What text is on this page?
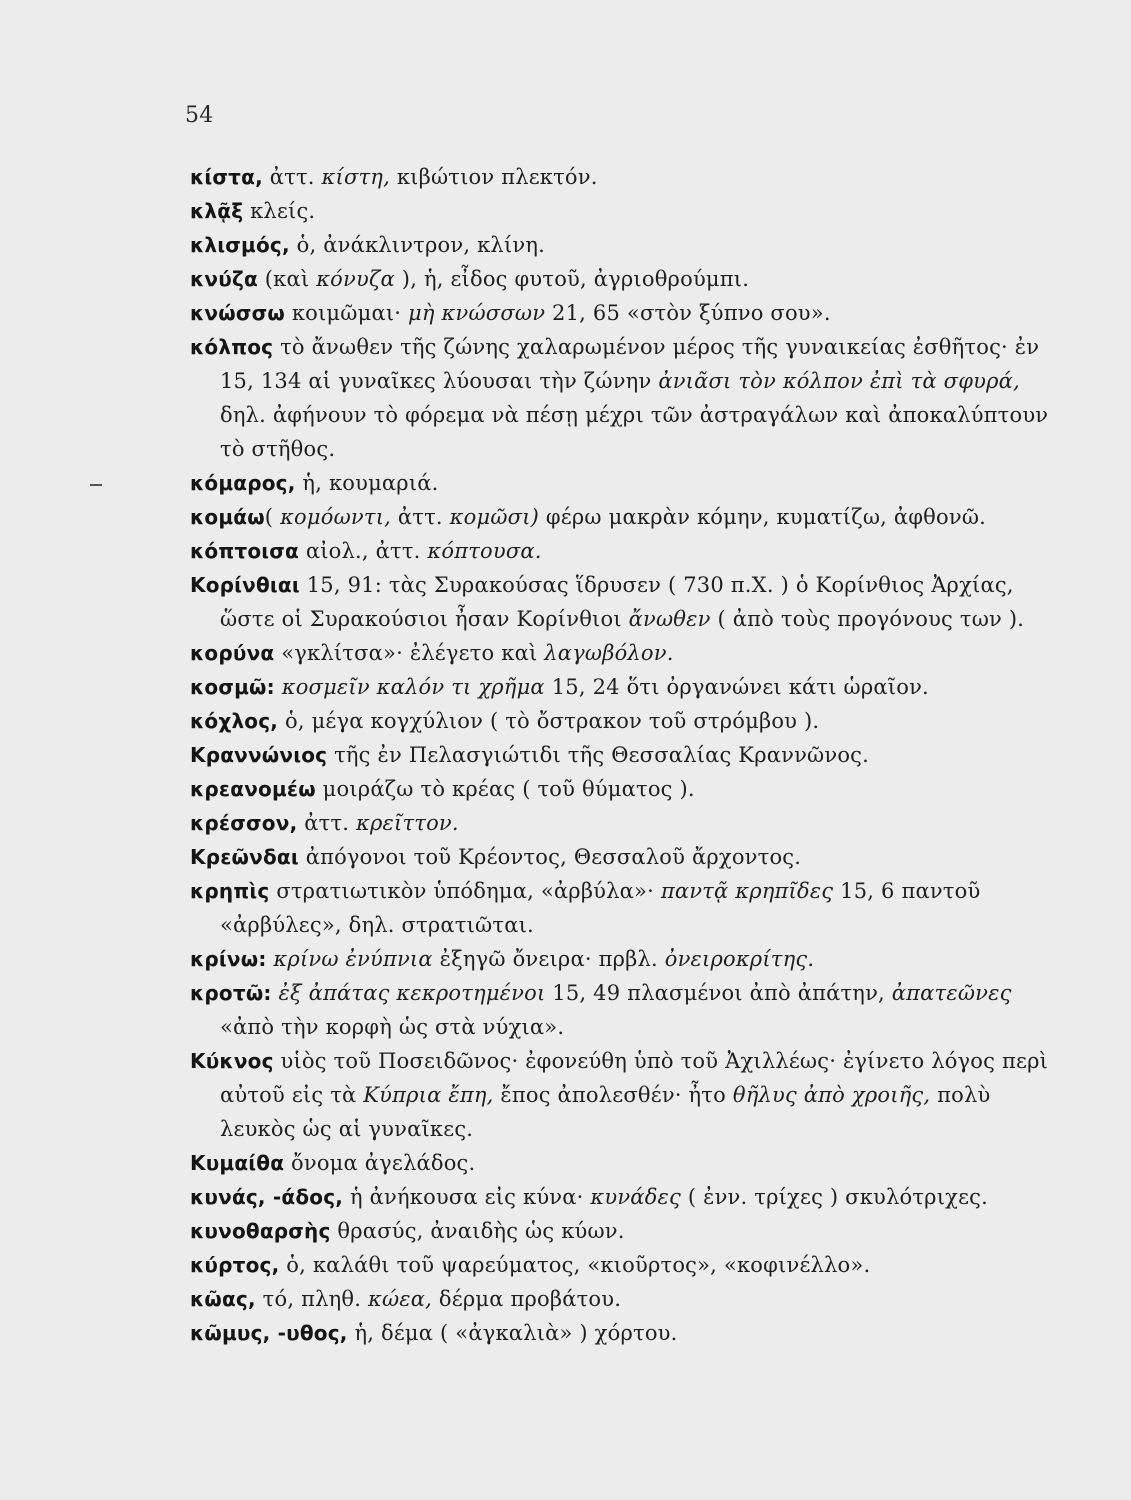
54
κίστα, ἀττ. κίστη, κιβώτιον πλεκτόν.
κλᾷξ κλείς.
κλισμός, ὁ, ἀνάκλιντρον, κλίνη.
κνύζα (καὶ κόνυζα ), ἡ, εἶδος φυτοῦ, ἀγριοθρούμπι.
κνώσσω κοιμῶμαι· μὴ κνώσσων 21, 65 «στὸν ξύπνο σου».
κόλπος τὸ ἄνωθεν τῆς ζώνης χαλαρωμένον μέρος τῆς γυναικείας ἐσθῆτος· ἐν 15, 134 αἱ γυναῖκες λύουσαι τὴν ζώνην ἀνιᾶσι τὸν κόλπον ἐπὶ τὰ σφυρά, δηλ. ἀφήνουν τὸ φόρεμα νὰ πέσῃ μέχρι τῶν ἀστραγάλων καὶ ἀποκαλύπτουν τὸ στῆθος.
κόμαρος, ἡ, κουμαριά.
κομάω( κομόωντι, ἀττ. κομῶσι) φέρω μακρὰν κόμην, κυματίζω, ἀφθονῶ.
κόπτοισα αἰολ., ἀττ. κόπτουσα.
Κορίνθιαι 15, 91: τὰς Συρακούσας ἵδρυσεν ( 730 π.Χ. ) ὁ Κορίνθιος Ἀρχίας, ὥστε οἱ Συρακούσιοι ἦσαν Κορίνθιοι ἄνωθεν ( ἀπὸ τοὺς προγόνους των ).
κορύνα «γκλίτσα»· ἐλέγετο καὶ λαγωβόλον.
κοσμῶ: κοσμεῖν καλόν τι χρῆμα 15, 24 ὅτι ὀργανώνει κάτι ὡραῖον.
κόχλος, ὁ, μέγα κογχύλιον ( τὸ ὄστρακον τοῦ στρόμβου ).
Κραννώνιος τῆς ἐν Πελασγιώτιδι τῆς Θεσσαλίας Κραννῶνος.
κρεανομέω μοιράζω τὸ κρέας ( τοῦ θύματος ).
κρέσσον, ἀττ. κρεῖττον.
Κρεῶνδαι ἀπόγονοι τοῦ Κρέοντος, Θεσσαλοῦ ἄρχοντος.
κρηπὶς στρατιωτικὸν ὑπόδημα, «ἀρβύλα»· παντᾷ κρηπῖδες 15, 6 παντοῦ «ἀρβύλες», δηλ. στρατιῶται.
κρίνω: κρίνω ἐνύπνια ἐξηγῶ ὄνειρα· πρβλ. ὀνειροκρίτης.
κροτῶ: ἐξ ἀπάτας κεκροτημένοι 15, 49 πλασμένοι ἀπὸ ἀπάτην, ἀπατεῶνες «ἀπὸ τὴν κορφὴ ὡς στὰ νύχια».
Κύκνος υἱὸς τοῦ Ποσειδῶνος· ἐφονεύθη ὑπὸ τοῦ Ἀχιλλέως· ἐγίνετο λόγος περὶ αὐτοῦ εἰς τὰ Κύπρια ἔπη, ἔπος ἀπολεσθέν· ἦτο θῆλυς ἀπὸ χροιῆς, πολὺ λευκὸς ὡς αἱ γυναῖκες.
Κυμαίθα ὄνομα ἀγελάδος.
κυνάς, -άδος, ἡ ἀνήκουσα εἰς κύνα· κυνάδες ( ἐνν. τρίχες ) σκυλότριχες.
κυνοθαρσὴς θρασύς, ἀναιδὴς ὡς κύων.
κύρτος, ὁ, καλάθι τοῦ ψαρεύματος, «κιοῦρτος», «κοφινέλλο».
κῶας, τό, πληθ. κώεα, δέρμα προβάτου.
κῶμυς, -υθος, ἡ, δέμα ( «ἀγκαλιὰ» ) χόρτου.
